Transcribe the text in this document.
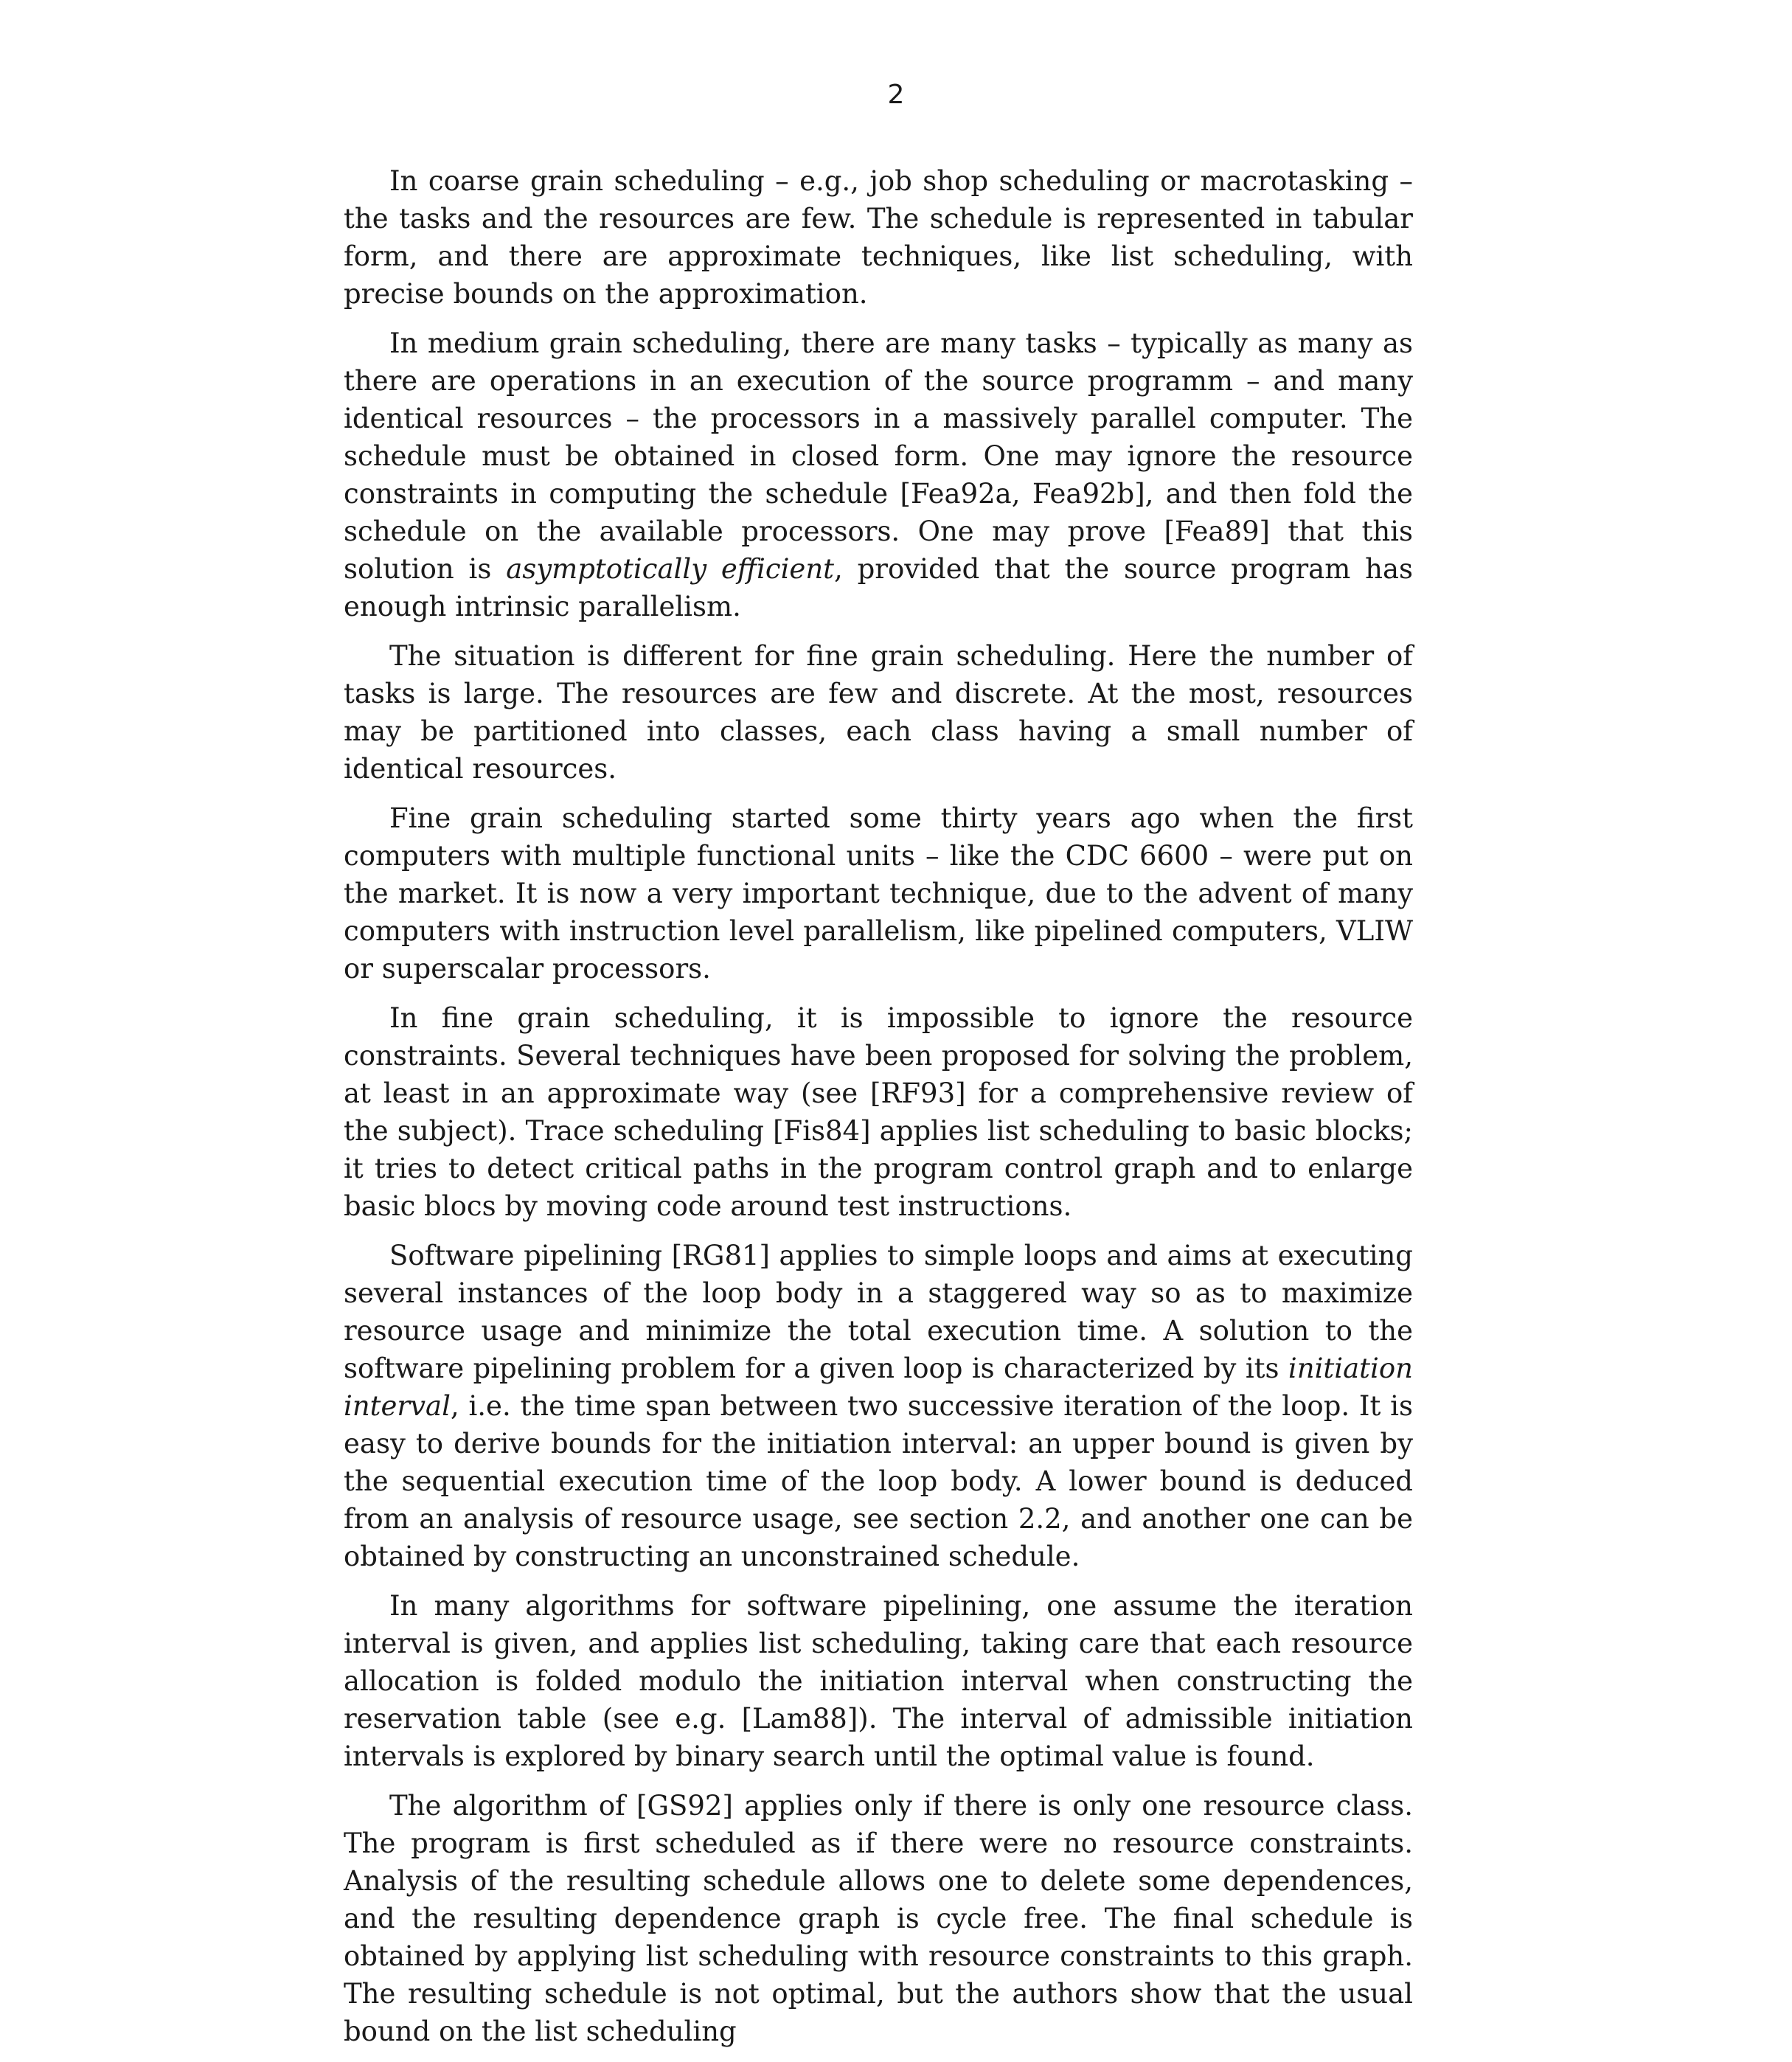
2

In coarse grain scheduling – e.g., job shop scheduling or macrotasking – the tasks and the resources are few. The schedule is represented in tabular form, and there are approximate techniques, like list scheduling, with precise bounds on the approximation.

In medium grain scheduling, there are many tasks – typically as many as there are operations in an execution of the source programm – and many identical resources – the processors in a massively parallel computer. The schedule must be obtained in closed form. One may ignore the resource constraints in computing the schedule [Fea92a, Fea92b], and then fold the schedule on the available processors. One may prove [Fea89] that this solution is asymptotically efficient, provided that the source program has enough intrinsic parallelism.

The situation is different for fine grain scheduling. Here the number of tasks is large. The resources are few and discrete. At the most, resources may be partitioned into classes, each class having a small number of identical resources.

Fine grain scheduling started some thirty years ago when the first computers with multiple functional units – like the CDC 6600 – were put on the market. It is now a very important technique, due to the advent of many computers with instruction level parallelism, like pipelined computers, VLIW or superscalar processors.

In fine grain scheduling, it is impossible to ignore the resource constraints. Several techniques have been proposed for solving the problem, at least in an approximate way (see [RF93] for a comprehensive review of the subject). Trace scheduling [Fis84] applies list scheduling to basic blocks; it tries to detect critical paths in the program control graph and to enlarge basic blocs by moving code around test instructions.

Software pipelining [RG81] applies to simple loops and aims at executing several instances of the loop body in a staggered way so as to maximize resource usage and minimize the total execution time. A solution to the software pipelining problem for a given loop is characterized by its initiation interval, i.e. the time span between two successive iteration of the loop. It is easy to derive bounds for the initiation interval: an upper bound is given by the sequential execution time of the loop body. A lower bound is deduced from an analysis of resource usage, see section 2.2, and another one can be obtained by constructing an unconstrained schedule.

In many algorithms for software pipelining, one assume the iteration interval is given, and applies list scheduling, taking care that each resource allocation is folded modulo the initiation interval when constructing the reservation table (see e.g. [Lam88]). The interval of admissible initiation intervals is explored by binary search until the optimal value is found.

The algorithm of [GS92] applies only if there is only one resource class. The program is first scheduled as if there were no resource constraints. Analysis of the resulting schedule allows one to delete some dependences, and the resulting dependence graph is cycle free. The final schedule is obtained by applying list scheduling with resource constraints to this graph. The resulting schedule is not optimal, but the authors show that the usual bound on the list scheduling
